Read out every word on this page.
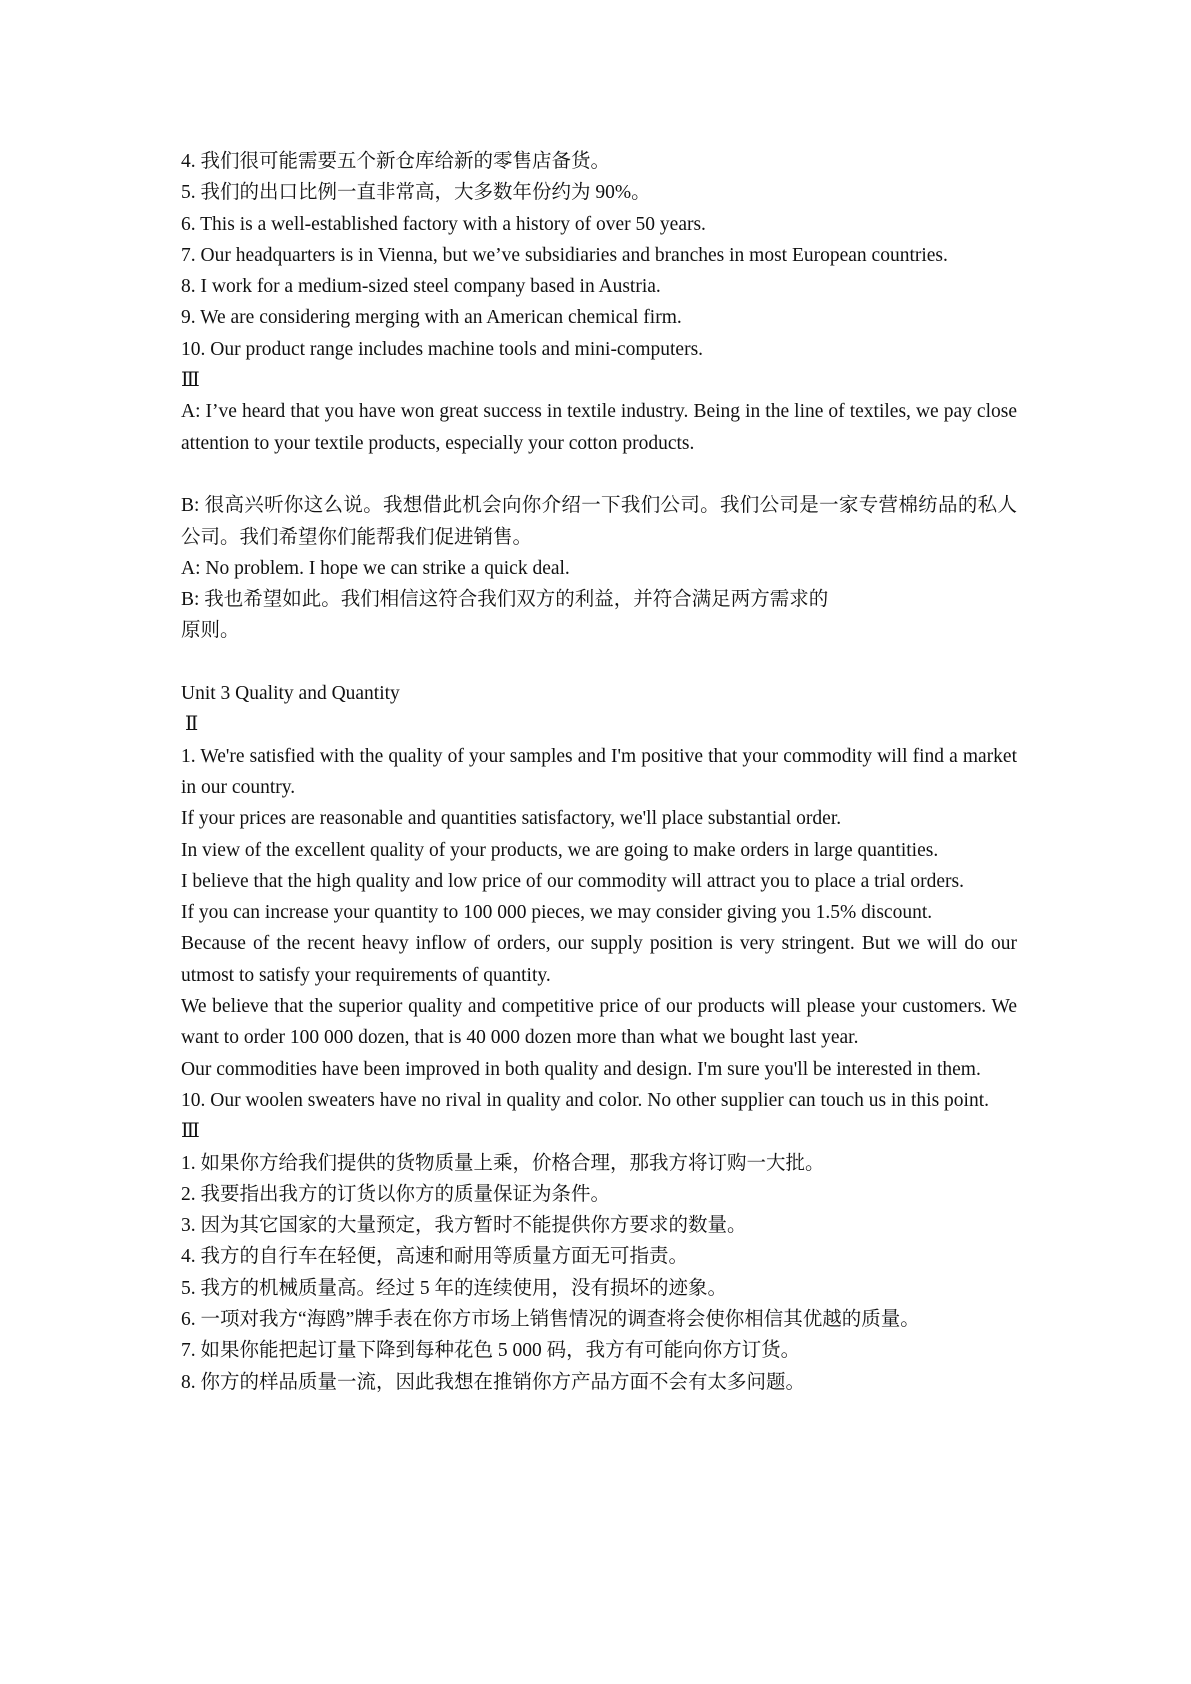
4. 我们很可能需要五个新仓库给新的零售店备货。

5. 我们的出口比例一直非常高，大多数年份约为 90%。

6. This is a well-established factory with a history of over 50 years.

7. Our headquarters is in Vienna, but we’ve subsidiaries and branches in most European countries.

8. I work for a medium-sized steel company based in Austria.

9. We are considering merging with an American chemical firm.

10. Our product range includes machine tools and mini-computers.

Ⅲ

A: I’ve heard that you have won great success in textile industry. Being in the line of textiles, we pay close attention to your textile products, especially your cotton products.

B: 很高兴听你这么说。我想借此机会向你介绍一下我们公司。我们公司是一家专营棉纺品的私人公司。我们希望你们能帮我们促进销售。

A: No problem. I hope we can strike a quick deal.

B: 我也希望如此。我们相信这符合我们双方的利益，并符合满足两方需求的

原则。

Unit 3 Quality and Quantity

Ⅱ

1. We're satisfied with the quality of your samples and I'm positive that your commodity will find a market in our country.

If your prices are reasonable and quantities satisfactory, we'll place substantial order.

In view of the excellent quality of your products, we are going to make orders in large quantities.

I believe that the high quality and low price of our commodity will attract you to place a trial orders.

If you can increase your quantity to 100 000 pieces, we may consider giving you 1.5% discount.

Because of the recent heavy inflow of orders, our supply position is very stringent. But we will do our utmost to satisfy your requirements of quantity.

We believe that the superior quality and competitive price of our products will please your customers. We want to order 100 000 dozen, that is 40 000 dozen more than what we bought last year.

Our commodities have been improved in both quality and design. I'm sure you'll be interested in them.

10. Our woolen sweaters have no rival in quality and color. No other supplier can touch us in this point.

Ⅲ

1. 如果你方给我们提供的货物质量上乘，价格合理，那我方将订购一大批。

2. 我要指出我方的订货以你方的质量保证为条件。

3. 因为其它国家的大量预定，我方暂时不能提供你方要求的数量。

4. 我方的自行车在轻便，高速和耐用等质量方面无可指责。

5. 我方的机械质量高。经过 5 年的连续使用，没有损坏的迹象。

6. 一项对我方“海鸥”牌手表在你方市场上销售情况的调查将会使你相信其优越的质量。

7. 如果你能把起订量下降到每种花色 5 000 码，我方有可能向你方订货。

8. 你方的样品质量一流，因此我想在推销你方产品方面不会有太多问题。
